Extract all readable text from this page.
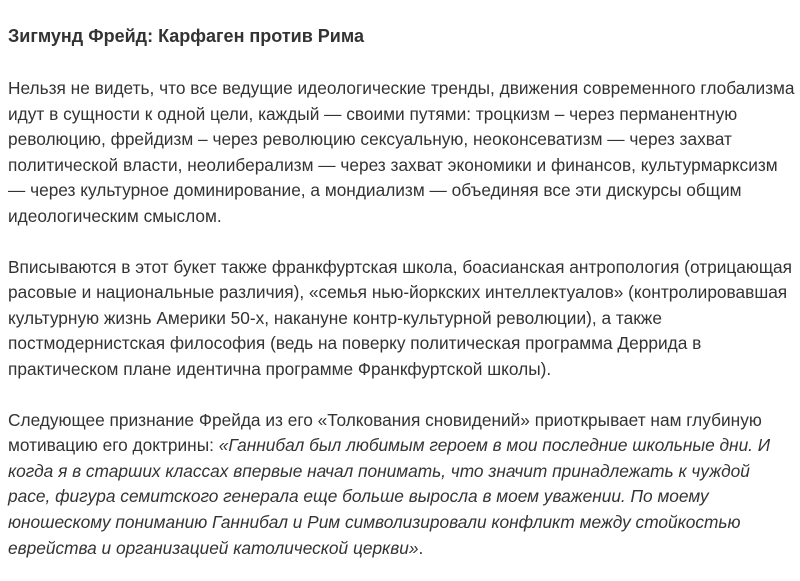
Зигмунд Фрейд: Карфаген против Рима

Нельзя не видеть, что все ведущие идеологические тренды, движения современного глобализма идут в сущности к одной цели, каждый — своими путями: троцкизм – через перманентную революцию, фрейдизм – через революцию сексуальную, неоконсеватизм — через захват политической власти, неолиберализм — через захват экономики и финансов, культурмарксизм — через культурное доминирование, а мондиализм — объединяя все эти дискурсы общим идеологическим смыслом.

Вписываются в этот букет также франкфуртская школа, боасианская антропология (отрицающая расовые и национальные различия), «семья нью-йоркских интеллектуалов» (контролировавшая культурную жизнь Америки 50-х, накануне контр-культурной революции), а также постмодернистская философия (ведь на поверку политическая программа Деррида в практическом плане идентична программе Франкфуртской школы).

Следующее признание Фрейда из его «Толкования сновидений» приоткрывает нам глубиную мотивацию его доктрины: «Ганнибал был любимым героем в мои последние школьные дни. И когда я в старших классах впервые начал понимать, что значит принадлежать к чуждой расе, фигура семитского генерала еще больше выросла в моем уважении. По моему юношескому пониманию Ганнибал и Рим символизировали конфликт между стойкостью еврейства и организацией католической церкви».
